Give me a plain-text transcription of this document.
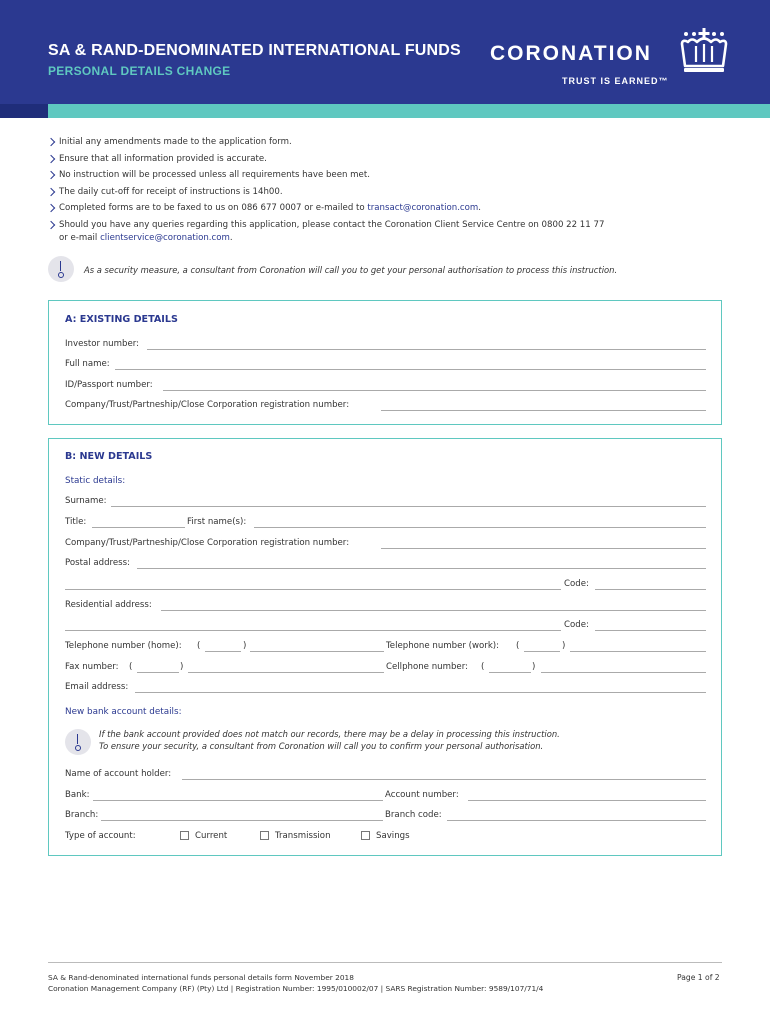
SA & RAND-DENOMINATED INTERNATIONAL FUNDS
PERSONAL DETAILS CHANGE
CORONATION
TRUST IS EARNED™
Initial any amendments made to the application form.
Ensure that all information provided is accurate.
No instruction will be processed unless all requirements have been met.
The daily cut-off for receipt of instructions is 14h00.
Completed forms are to be faxed to us on 086 677 0007 or e-mailed to transact@coronation.com.
Should you have any queries regarding this application, please contact the Coronation Client Service Centre on 0800 22 11 77
or e-mail clientservice@coronation.com.
As a security measure, a consultant from Coronation will call you to get your personal authorisation to process this instruction.
A: EXISTING DETAILS
Investor number:
Full name:
ID/Passport number:
Company/Trust/Partneship/Close Corporation registration number:
B: NEW DETAILS
Static details:
Surname:
Title:	First name(s):
Company/Trust/Partneship/Close Corporation registration number:
Postal address:
Code:
Residential address:
Code:
Telephone number (home): (	)	Telephone number (work): (	)
Fax number: (	)	Cellphone number: (	)
Email address:
New bank account details:
If the bank account provided does not match our records, there may be a delay in processing this instruction.
To ensure your security, a consultant from Coronation will call you to confirm your personal authorisation.
Name of account holder:
Bank:	Account number:
Branch:	Branch code:
Type of account:	Current	Transmission	Savings
SA & Rand-denominated international funds personal details form November 2018
Coronation Management Company (RF) (Pty) Ltd | Registration Number: 1995/010002/07 | SARS Registration Number: 9589/107/71/4
Page 1 of 2
